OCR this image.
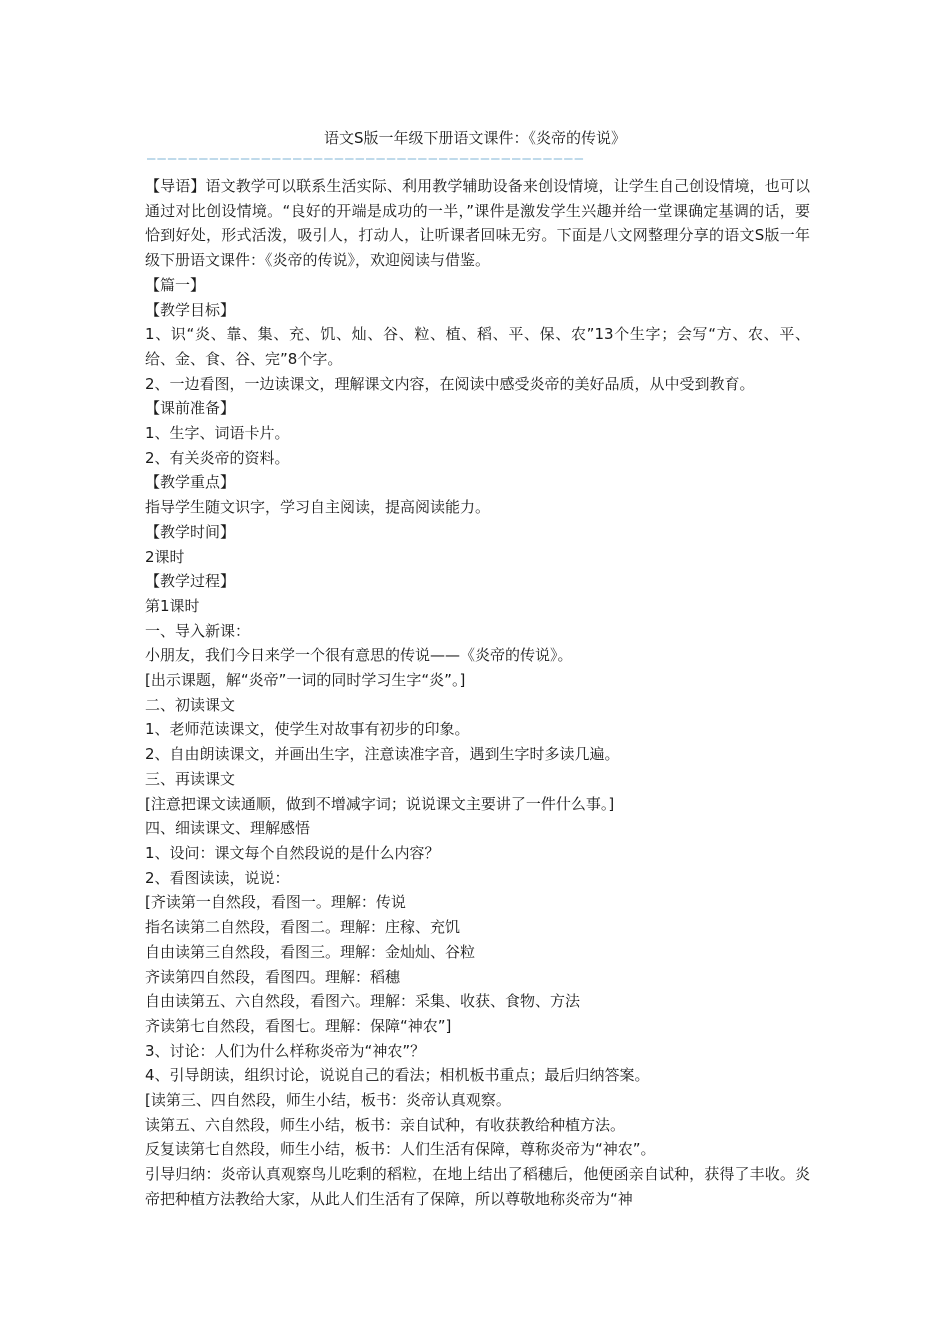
语文S版一年级下册语文课件：《炎帝的传说》
——————————————————————————————————————————

【导语】语文教学可以联系生活实际、利用教学辅助设备来创设情境，让学生自己创设情境，也可以通过对比创设情境。“良好的开端是成功的一半，”课件是激发学生兴趣并给一堂课确定基调的话，要恰到好处，形式活泼，吸引人，打动人，让听课者回味无穷。下面是八文网整理分享的语文S版一年级下册语文课件：《炎帝的传说》，欢迎阅读与借鉴。

【篇一】

【教学目标】

1、识“炎、靠、集、充、饥、灿、谷、粒、植、稻、平、保、农”13个生字；会写“方、农、平、给、金、食、谷、完”8个字。

2、一边看图，一边读课文，理解课文内容，在阅读中感受炎帝的美好品质，从中受到教育。

【课前准备】

1、生字、词语卡片。

2、有关炎帝的资料。

【教学重点】

指导学生随文识字，学习自主阅读，提高阅读能力。

【教学时间】

2课时

【教学过程】

第1课时

一、导入新课：

小朋友，我们今日来学一个很有意思的传说——《炎帝的传说》。

[出示课题，解“炎帝”一词的同时学习生字“炎”。]

二、初读课文

1、老师范读课文，使学生对故事有初步的印象。

2、自由朗读课文，并画出生字，注意读准字音，遇到生字时多读几遍。

三、再读课文

[注意把课文读通顺，做到不增减字词；说说课文主要讲了一件什么事。]

四、细读课文、理解感悟

1、设问：课文每个自然段说的是什么内容？

2、看图读读，说说：

[齐读第一自然段，看图一。理解：传说

指名读第二自然段，看图二。理解：庄稼、充饥

自由读第三自然段，看图三。理解：金灿灿、谷粒

齐读第四自然段，看图四。理解：稻穗

自由读第五、六自然段，看图六。理解：采集、收获、食物、方法

齐读第七自然段，看图七。理解：保障“神农”]

3、讨论：人们为什么样称炎帝为“神农”？

4、引导朗读，组织讨论，说说自己的看法；相机板书重点；最后归纳答案。

[读第三、四自然段，师生小结，板书：炎帝认真观察。

读第五、六自然段，师生小结，板书：亲自试种，有收获教给种植方法。

反复读第七自然段，师生小结，板书：人们生活有保障，尊称炎帝为“神农”。

引导归纳：炎帝认真观察鸟儿吃剩的稻粒，在地上结出了稻穗后，他便函亲自试种，获得了丰收。炎帝把种植方法教给大家，从此人们生活有了保障，所以尊敬地称炎帝为“神
